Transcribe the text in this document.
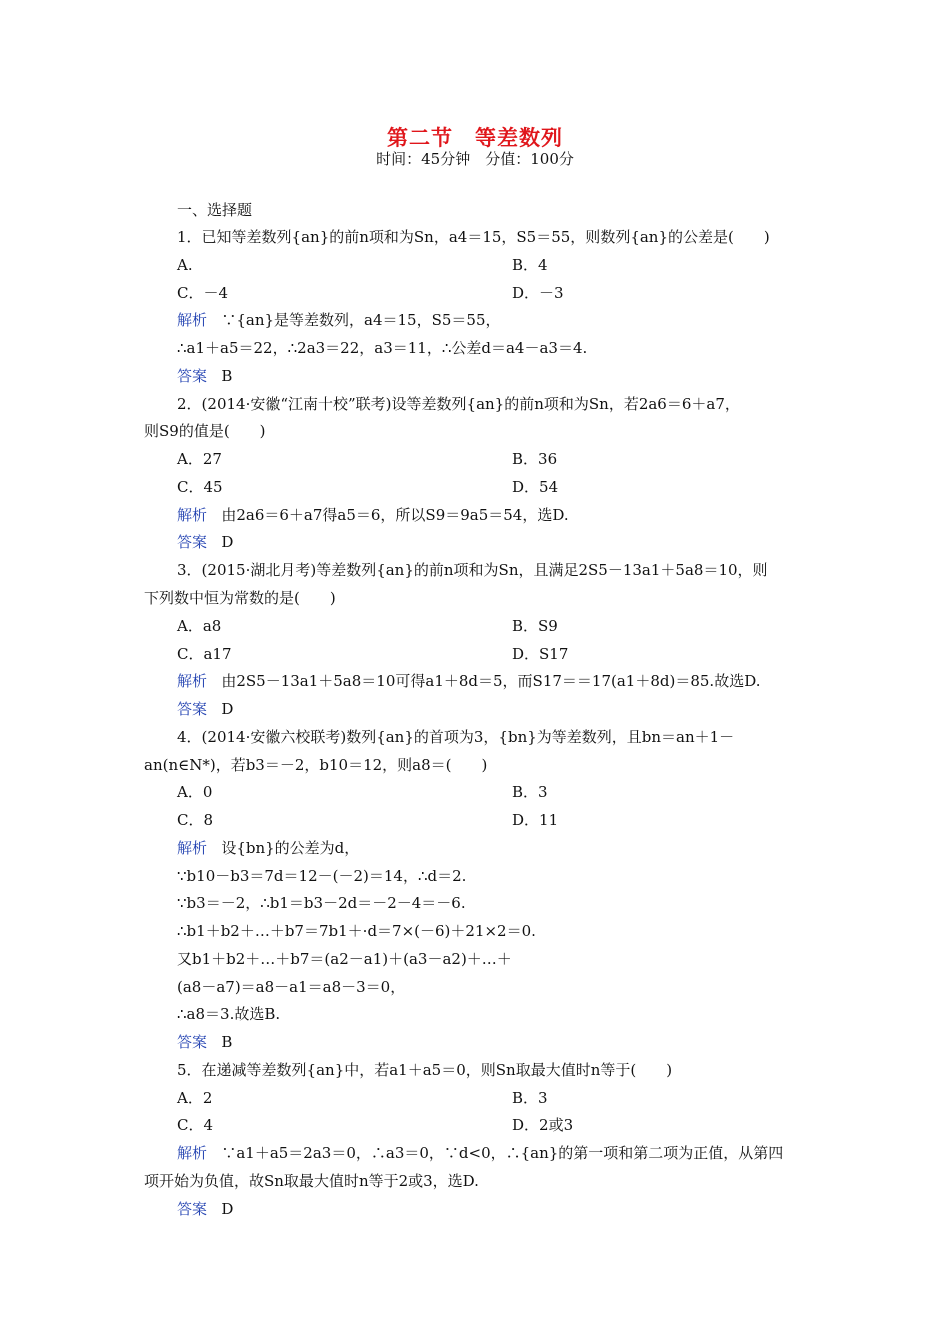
第二节　等差数列
时间：45分钟　分值：100分
一、选择题
1．已知等差数列{an}的前n项和为Sn，a4＝15，S5＝55，则数列{an}的公差是(　　)
A.	B．4
C．－4	D．－3
解析 ∵{an}是等差数列，a4＝15，S5＝55，
∴a1＋a5＝22，∴2a3＝22，a3＝11，∴公差d＝a4－a3＝4.
答案 B
2．(2014·安徽“江南十校”联考)设等差数列{an}的前n项和为Sn，若2a6＝6＋a7，
则S9的值是(　　)
A．27	B．36
C．45	D．54
解析 由2a6＝6＋a7得a5＝6，所以S9＝9a5＝54，选D.
答案 D
3．(2015·湖北月考)等差数列{an}的前n项和为Sn，且满足2S5－13a1＋5a8＝10，则
下列数中恒为常数的是(　　)
A．a8	B．S9
C．a17	D．S17
解析 由2S5－13a1＋5a8＝10可得a1＋8d＝5，而S17＝＝17(a1＋8d)＝85.故选D.
答案 D
4．(2014·安徽六校联考)数列{an}的首项为3，{bn}为等差数列，且bn＝an＋1－
an(n∈N*)，若b3＝－2，b10＝12，则a8＝(　　)
A．0	B．3
C．8	D．11
解析 设{bn}的公差为d，
∵b10－b3＝7d＝12－(－2)＝14，∴d＝2.
∵b3＝－2，∴b1＝b3－2d＝－2－4＝－6.
∴b1＋b2＋…＋b7＝7b1＋·d＝7×(－6)＋21×2＝0.
又b1＋b2＋…＋b7＝(a2－a1)＋(a3－a2)＋…＋
(a8－a7)＝a8－a1＝a8－3＝0，
∴a8＝3.故选B.
答案 B
5．在递减等差数列{an}中，若a1＋a5＝0，则Sn取最大值时n等于(　　)
A．2	B．3
C．4	D．2或3
解析 ∵a1＋a5＝2a3＝0，∴a3＝0，∵d<0，∴{an}的第一项和第二项为正值，从第四
项开始为负值，故Sn取最大值时n等于2或3，选D.
答案 D
